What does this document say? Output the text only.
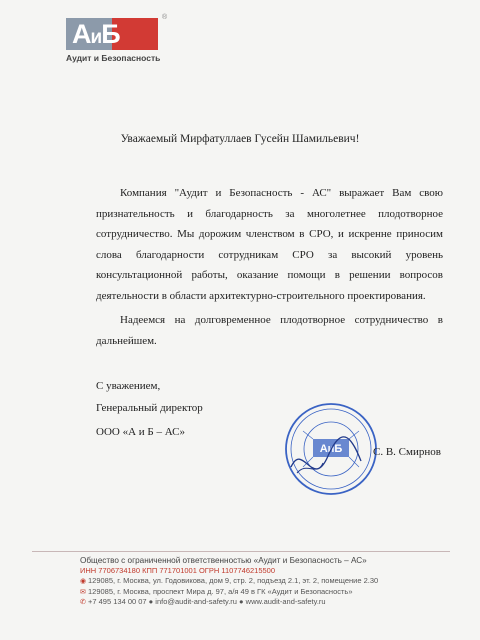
АиБ
®
Аудит и Безопасность
Уважаемый Мирфатуллаев Гусейн Шамильевич!
Компания "Аудит и Безопасность - АС" выражает Вам свою признательность и благодарность за многолетнее плодотворное сотрудничество. Мы дорожим членством в СРО, и искренне приносим слова благодарности сотрудникам СРО за высокий уровень консультационной работы, оказание помощи в решении вопросов деятельности в области архитектурно-строительного проектирования.
Надеемся на долговременное плодотворное сотрудничество в дальнейшем.
С уважением,
Генеральный директор
ООО «А и Б – АС»
АиБ	С. В. Смирнов
Общество с ограниченной ответственностью «Аудит и Безопасность – АС»
ИНН 7706734180 КПП 771701001 ОГРН 1107746215500
◉ 129085, г. Москва, ул. Годовикова, дом 9, стр. 2, подъезд 2.1, эт. 2, помещение 2.30
✉ 129085, г. Москва, проспект Мира д. 97, а/я 49 в ГК «Аудит и Безопасность»
✆ +7 495 134 00 07 ● info@audit-and-safety.ru ● www.audit-and-safety.ru
